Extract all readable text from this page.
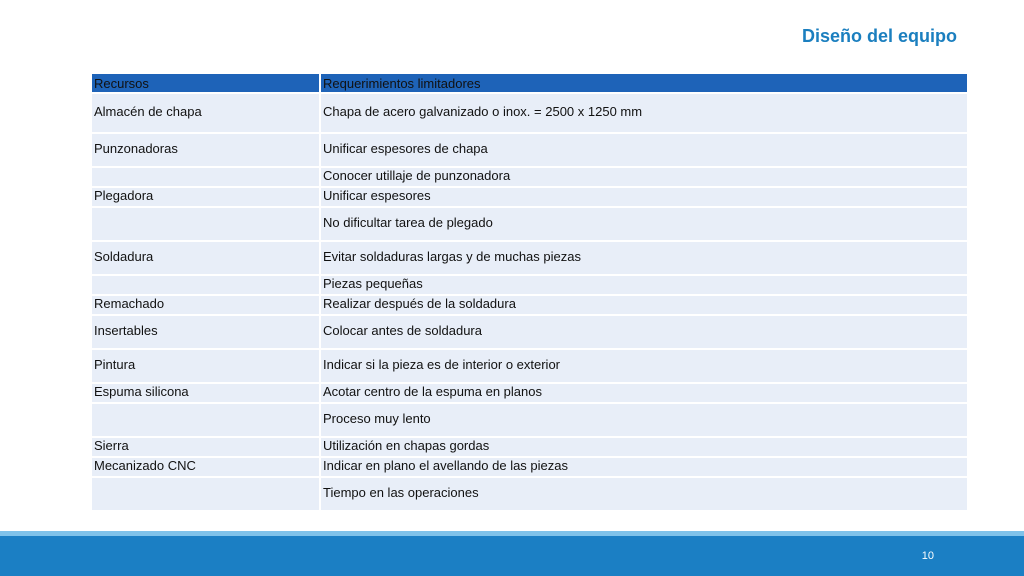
Diseño del equipo
Recursos	Requerimientos limitadores
Almacén de chapa	Chapa de acero galvanizado o inox. = 2500 x 1250 mm
Punzonadoras	Unificar espesores de chapa
	Conocer utillaje de punzonadora
Plegadora	Unificar espesores
	No dificultar tarea de plegado
Soldadura	Evitar soldaduras largas y de muchas piezas
	Piezas pequeñas
Remachado	Realizar después de la soldadura
Insertables	Colocar antes de soldadura
Pintura	Indicar si la pieza es de interior o exterior
Espuma silicona	Acotar centro de la espuma en planos
	Proceso muy lento
Sierra	Utilización en chapas gordas
Mecanizado CNC	Indicar en plano el avellando de las piezas
	Tiempo en las operaciones
10
